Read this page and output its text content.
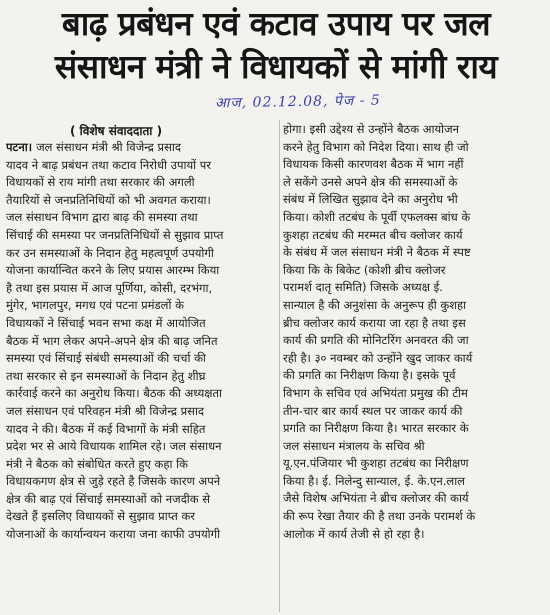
बाढ़ प्रबंधन एवं कटाव उपाय पर जल
संसाधन मंत्री ने विधायकों से मांगी राय
आज, 02.12.08, पेज - 5
( विशेष संवाददाता )

पटना। जल संसाधन मंत्री श्री विजेन्द्र प्रसाद

यादव ने बाढ़ प्रबंधन तथा कटाव निरोधी उपायों पर

विधायकों से राय मांगी तथा सरकार की अगली

तैयारियों से जनप्रतिनिधियों को भी अवगत कराया।

जल संसाधन विभाग द्वारा बाढ़ की समस्या तथा

सिंचाई की समस्या पर जनप्रतिनिधियों से सुझाव प्राप्त

कर उन समस्याओं के निदान हेतु महत्वपूर्ण उपयोगी

योजना कार्यान्वित करने के लिए प्रयास आरम्भ किया

है तथा इस प्रयास में आज पूर्णिया, कोसी, दरभंगा,

मुंगेर, भागलपुर, मगध एवं पटना प्रमंडलों के

विधायकों ने सिंचाई भवन सभा कक्ष में आयोजित

बैठक में भाग लेकर अपने-अपने क्षेत्र की बाढ़ जनित

समस्या एवं सिंचाई संबंधी समस्याओं की चर्चा की

तथा सरकार से इन समस्याओं के निदान हेतु शीघ्र

कार्रवाई करने का अनुरोध किया। बैठक की अध्यक्षता

जल संसाधन एवं परिवहन मंत्री श्री विजेन्द्र प्रसाद

यादव ने की। बैठक में कई विभागों के मंत्री सहित

प्रदेश भर से आये विधायक शामिल रहे। जल संसाधन

मंत्री ने बैठक को संबोधित करते हुए कहा कि

विधायकगण क्षेत्र से जुड़े रहते है जिसके कारण अपने

क्षेत्र की बाढ़ एवं सिंचाई समस्याओं को नजदीक से

देखते हैं इसलिए विधायकों से सुझाव प्राप्त कर

योजनाओं के कार्यान्वयन कराया जना काफी उपयोगी

होगा। इसी उद्देश्य से उन्होंने बैठक आयोजन

करने हेतु विभाग को निदेश दिया। साथ ही जो

विधायक किसी कारणवश बैठक में भाग नहीं

ले सकेंगे उनसे अपने क्षेत्र की समस्याओं के

संबंध में लिखित सुझाव देने का अनुरोध भी

किया। कोशी तटबंध के पूर्वी एफलक्स बांध के

कुशहा तटबंध की मरम्मत बीच क्लोजर कार्य

के संबंध में जल संसाधन मंत्री ने बैठक में स्पष्ट

किया कि के बिकेट (कोशी ब्रीच क्लोजर

परामर्श दातृ समिति) जिसके अध्यक्ष ई.

सान्याल है की अनुशंसा के अनुरूप ही कुशहा

ब्रीच क्लोजर कार्य कराया जा रहा है तथा इस

कार्य की प्रगति की मोनिटरिंग अनवरत की जा

रही है। ३० नवम्बर को उन्होंने खुद जाकर कार्य

की प्रगति का निरीक्षण किया है। इसके पूर्व

विभाग के सचिव एवं अभियंता प्रमुख की टीम

तीन-चार बार कार्य स्थल पर जाकर कार्य की

प्रगति का निरीक्षण किया है। भारत सरकार के

जल संसाधन मंत्रालय के सचिव श्री

यू.एन.पंजियार भी कुशहा तटबंध का निरीक्षण

किया है। ई. निलेन्दु सान्याल, ई. के.एन.लाल

जैसे विशेष अभियंता ने ब्रीच क्लोजर की कार्य

की रूप रेखा तैयार की है तथा उनके परामर्श के

आलोक में कार्य तेजी से हो रहा है।
